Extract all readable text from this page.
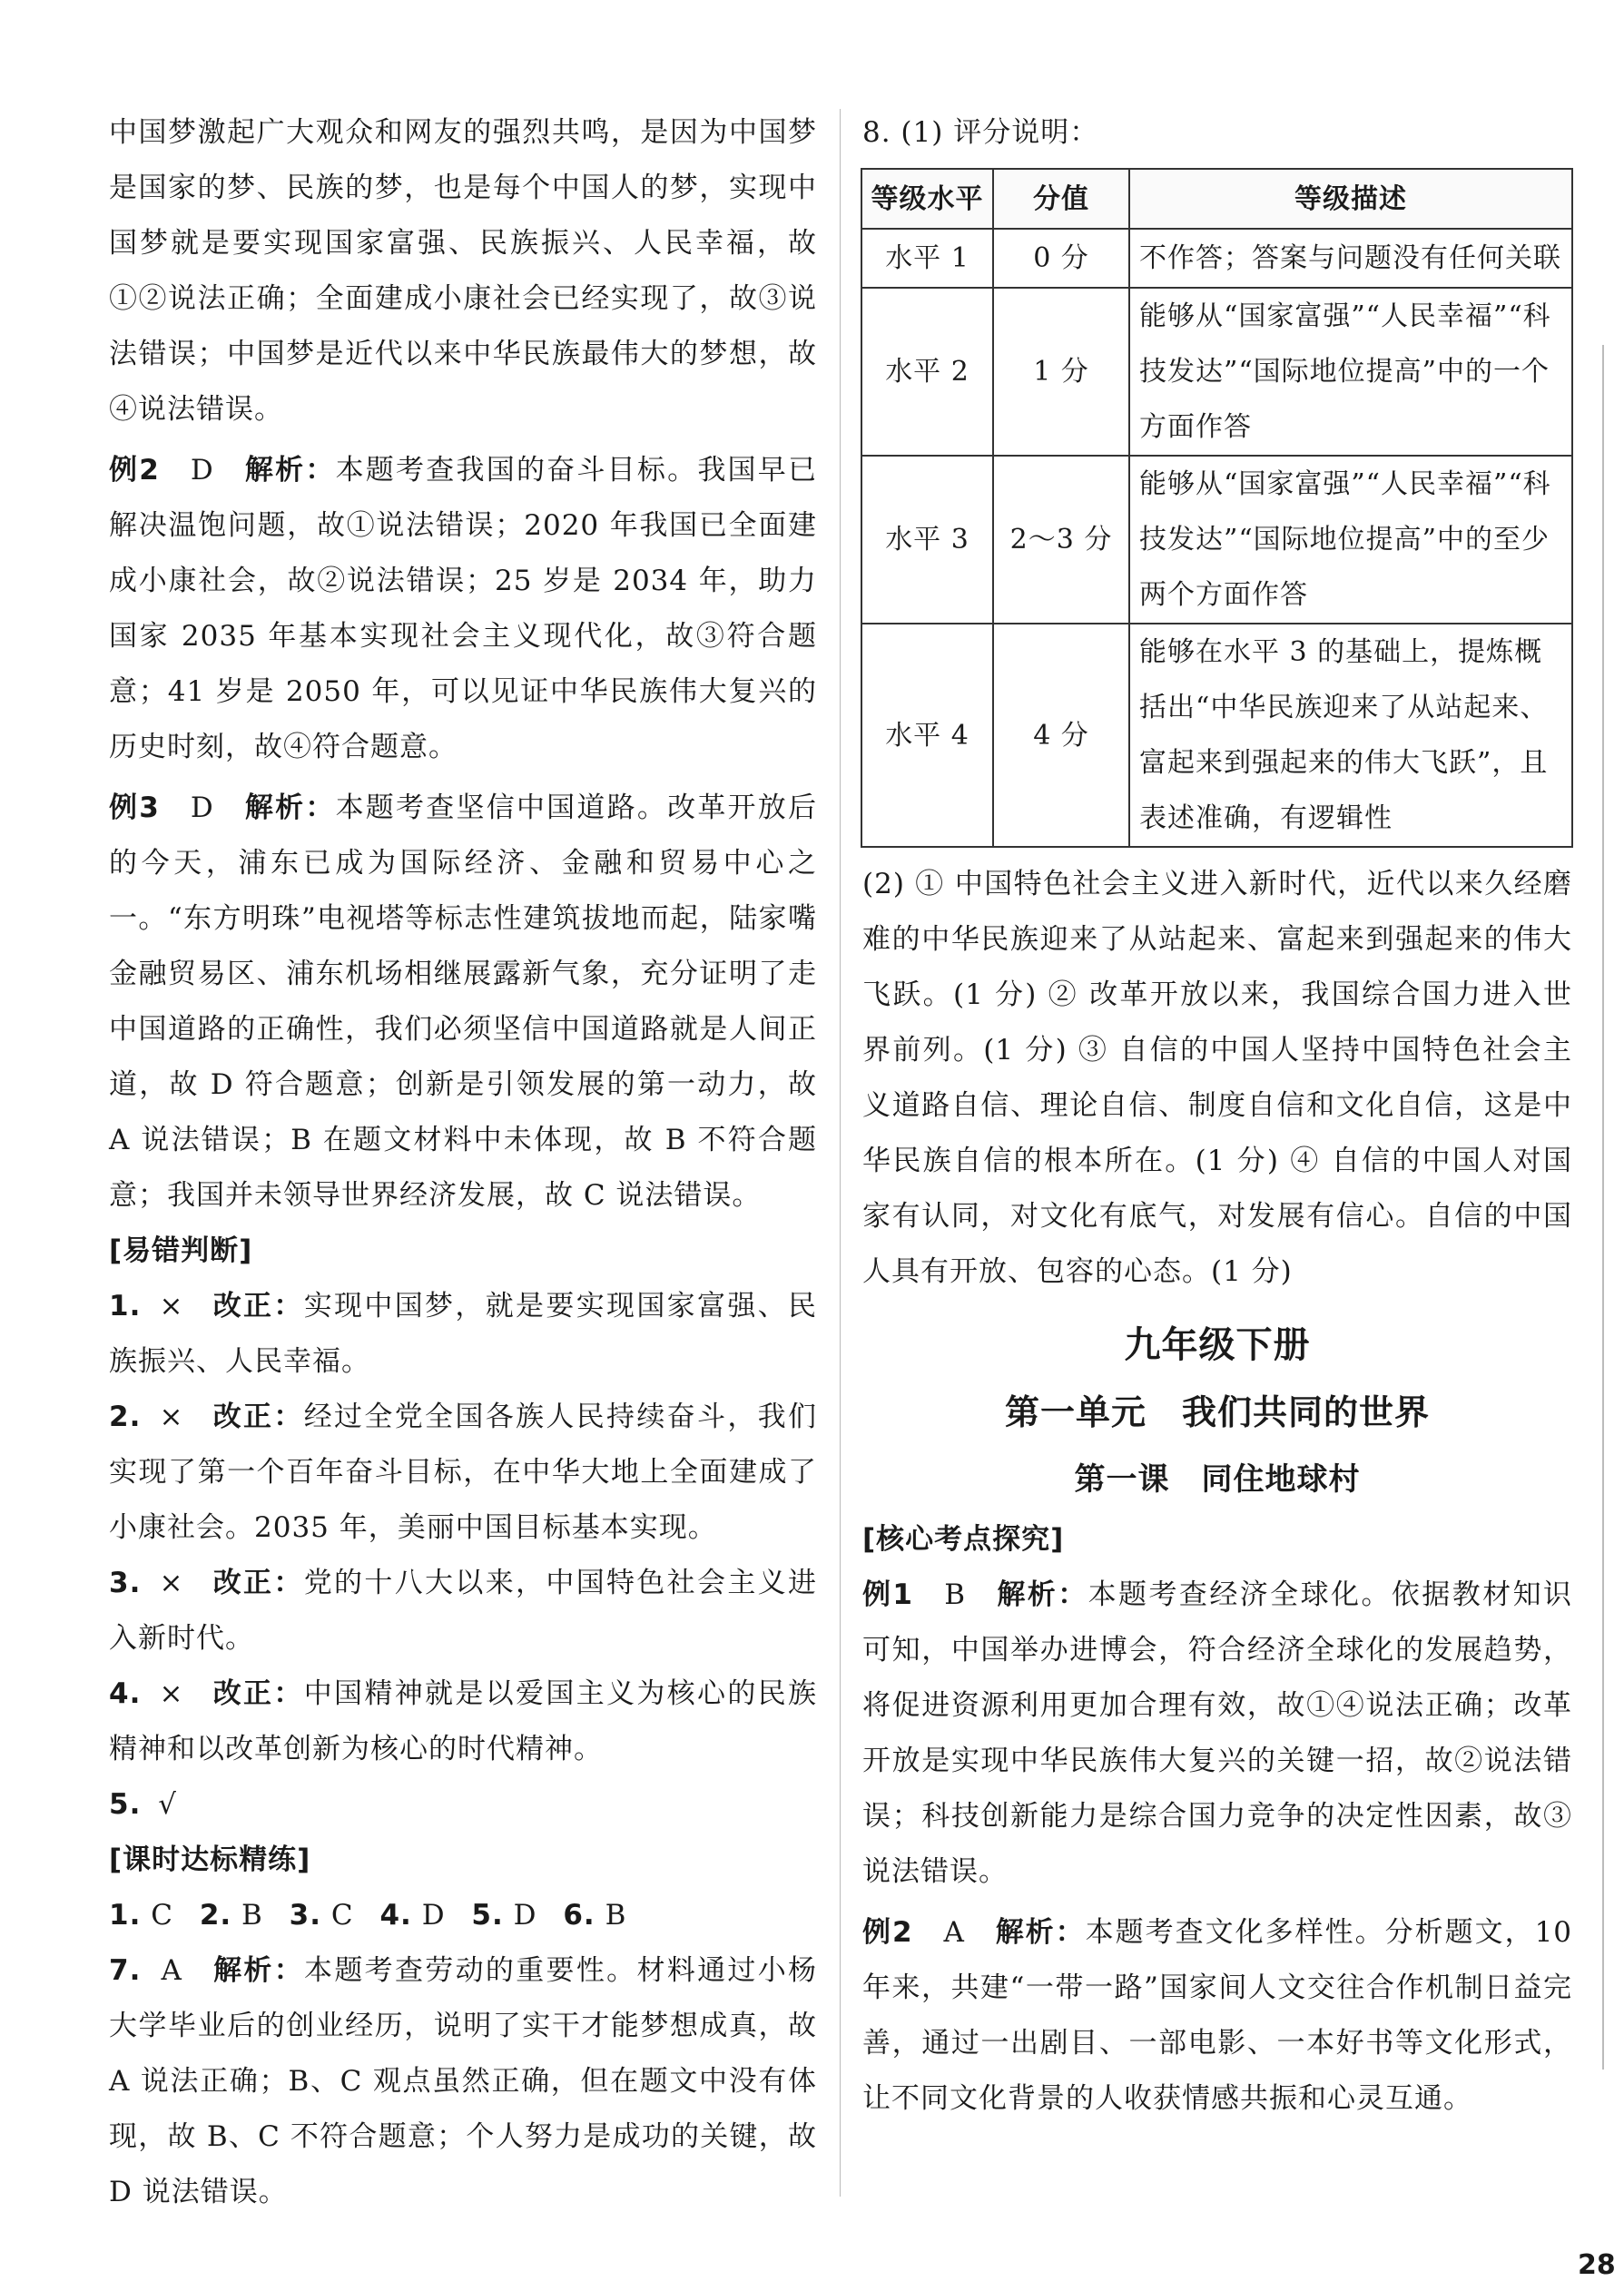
中国梦激起广大观众和网友的强烈共鸣，是因为中国梦是国家的梦、民族的梦，也是每个中国人的梦，实现中国梦就是要实现国家富强、民族振兴、人民幸福，故①②说法正确；全面建成小康社会已经实现了，故③说法错误；中国梦是近代以来中华民族最伟大的梦想，故④说法错误。

例2 D 解析：本题考查我国的奋斗目标。我国早已解决温饱问题，故①说法错误；2020 年我国已全面建成小康社会，故②说法错误；25 岁是 2034 年，助力国家 2035 年基本实现社会主义现代化，故③符合题意；41 岁是 2050 年，可以见证中华民族伟大复兴的历史时刻，故④符合题意。

例3 D 解析：本题考查坚信中国道路。改革开放后的今天，浦东已成为国际经济、金融和贸易中心之一。“东方明珠”电视塔等标志性建筑拔地而起，陆家嘴金融贸易区、浦东机场相继展露新气象，充分证明了走中国道路的正确性，我们必须坚信中国道路就是人间正道，故 D 符合题意；创新是引领发展的第一动力，故 A 说法错误；B 在题文材料中未体现，故 B 不符合题意；我国并未领导世界经济发展，故 C 说法错误。

[易错判断]

1. × 改正：实现中国梦，就是要实现国家富强、民族振兴、人民幸福。

2. × 改正：经过全党全国各族人民持续奋斗，我们实现了第一个百年奋斗目标，在中华大地上全面建成了小康社会。2035 年，美丽中国目标基本实现。

3. × 改正：党的十八大以来，中国特色社会主义进入新时代。

4. × 改正：中国精神就是以爱国主义为核心的民族精神和以改革创新为核心的时代精神。

5. √

[课时达标精练]

1. C 2. B 3. C 4. D 5. D 6. B

7. A 解析：本题考查劳动的重要性。材料通过小杨大学毕业后的创业经历，说明了实干才能梦想成真，故 A 说法正确；B、C 观点虽然正确，但在题文中没有体现，故 B、C 不符合题意；个人努力是成功的关键，故 D 说法错误。

8. (1) 评分说明：

等级水平	分值	等级描述
水平 1	0 分	不作答；答案与问题没有任何关联
水平 2	1 分	能够从“国家富强”“人民幸福”“科技发达”“国际地位提高”中的一个方面作答
水平 3	2～3 分	能够从“国家富强”“人民幸福”“科技发达”“国际地位提高”中的至少两个方面作答
水平 4	4 分	能够在水平 3 的基础上，提炼概括出“中华民族迎来了从站起来、富起来到强起来的伟大飞跃”，且表述准确，有逻辑性

(2) ① 中国特色社会主义进入新时代，近代以来久经磨难的中华民族迎来了从站起来、富起来到强起来的伟大飞跃。(1 分) ② 改革开放以来，我国综合国力进入世界前列。(1 分) ③ 自信的中国人坚持中国特色社会主义道路自信、理论自信、制度自信和文化自信，这是中华民族自信的根本所在。(1 分) ④ 自信的中国人对国家有认同，对文化有底气，对发展有信心。自信的中国人具有开放、包容的心态。(1 分)

九年级下册
第一单元　我们共同的世界
第一课　同住地球村

[核心考点探究]

例1 B 解析：本题考查经济全球化。依据教材知识可知，中国举办进博会，符合经济全球化的发展趋势，将促进资源利用更加合理有效，故①④说法正确；改革开放是实现中华民族伟大复兴的关键一招，故②说法错误；科技创新能力是综合国力竞争的决定性因素，故③说法错误。

例2 A 解析：本题考查文化多样性。分析题文，10 年来，共建“一带一路”国家间人文交往合作机制日益完善，通过一出剧目、一部电影、一本好书等文化形式，让不同文化背景的人收获情感共振和心灵互通。

28
